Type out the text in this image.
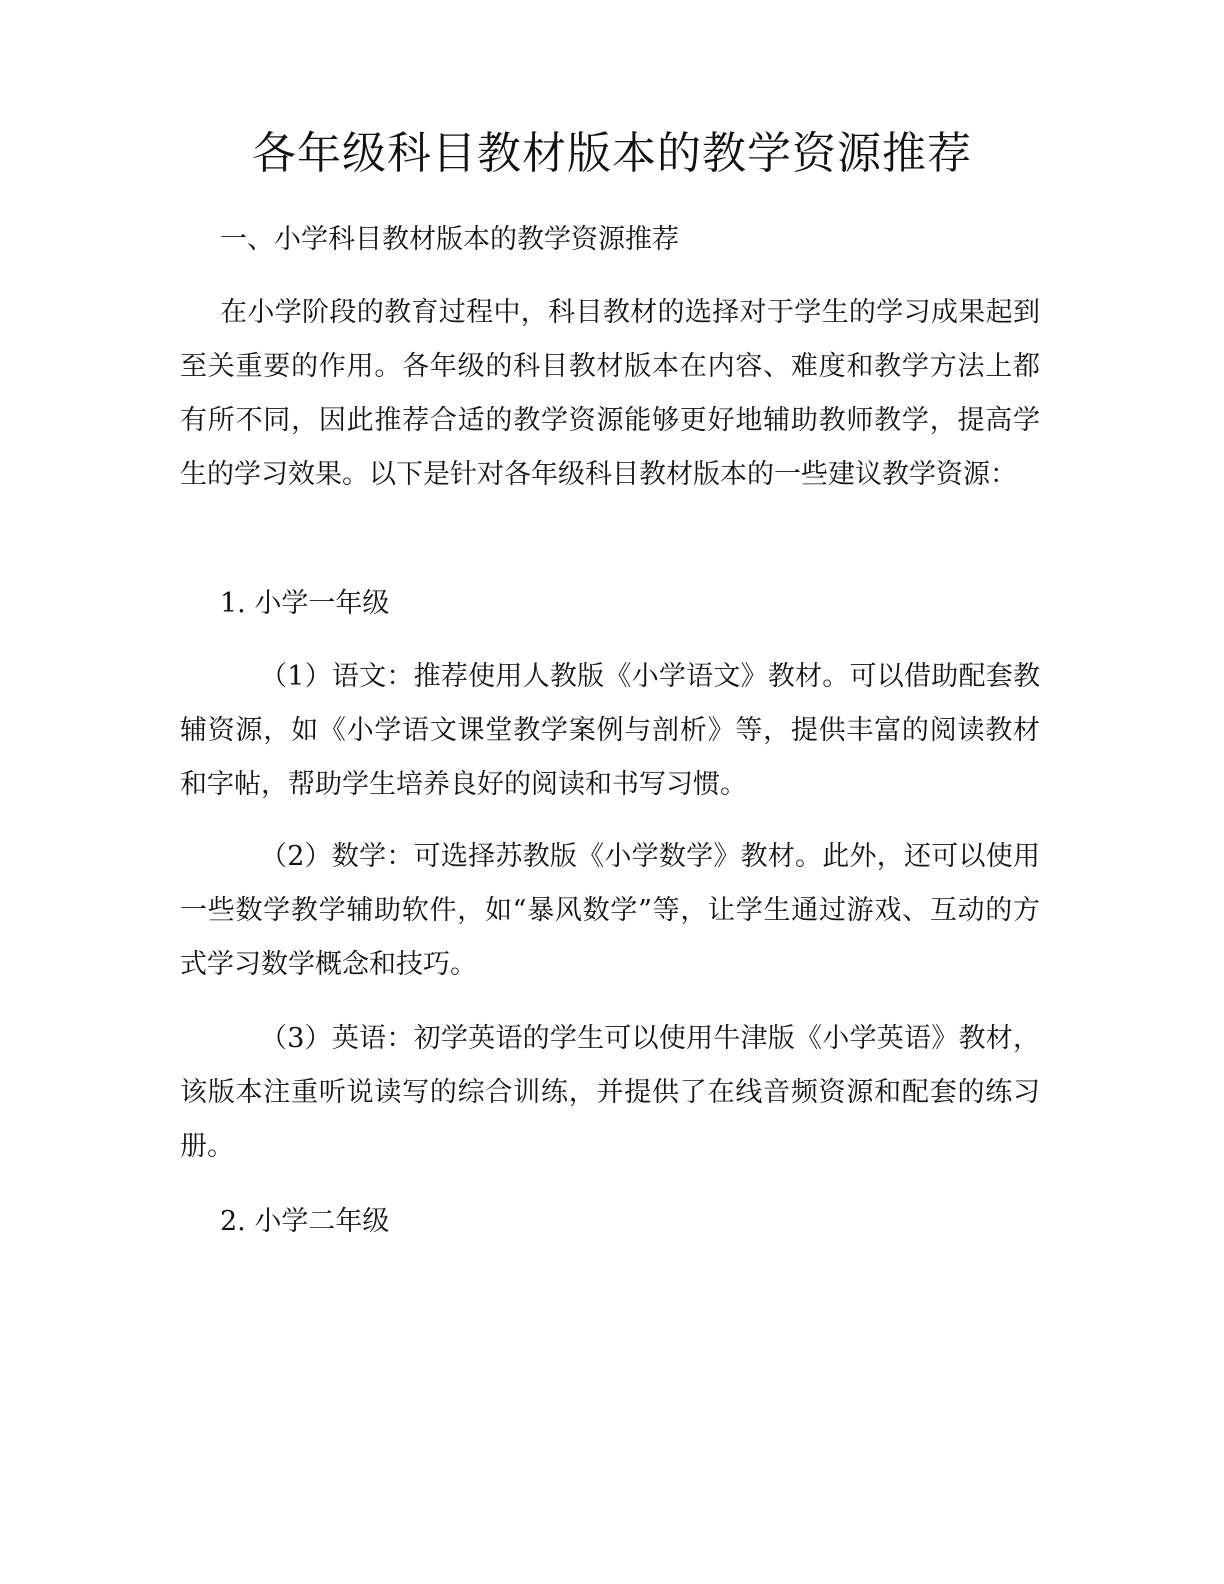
各年级科目教材版本的教学资源推荐
一、小学科目教材版本的教学资源推荐

在小学阶段的教育过程中，科目教材的选择对于学生的学习成果起到至关重要的作用。各年级的科目教材版本在内容、难度和教学方法上都有所不同，因此推荐合适的教学资源能够更好地辅助教师教学，提高学生的学习效果。以下是针对各年级科目教材版本的一些建议教学资源：

1. 小学一年级

（1）语文：推荐使用人教版《小学语文》教材。可以借助配套教辅资源，如《小学语文课堂教学案例与剖析》等，提供丰富的阅读教材和字帖，帮助学生培养良好的阅读和书写习惯。

（2）数学：可选择苏教版《小学数学》教材。此外，还可以使用一些数学教学辅助软件，如“暴风数学”等，让学生通过游戏、互动的方式学习数学概念和技巧。

（3）英语：初学英语的学生可以使用牛津版《小学英语》教材，该版本注重听说读写的综合训练，并提供了在线音频资源和配套的练习册。

2. 小学二年级
